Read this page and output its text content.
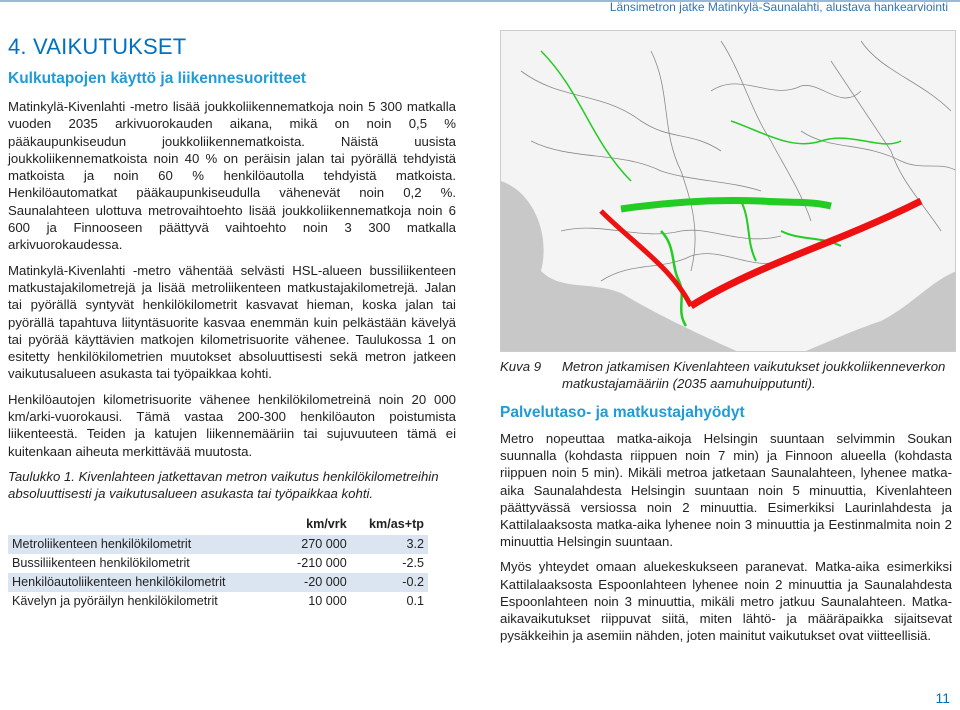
Länsimetron jatke Matinkylä-Saunalahti, alustava hankearviointi
4. VAIKUTUKSET
Kulkutapojen käyttö ja liikennesuoritteet

Matinkylä-Kivenlahti -metro lisää joukkoliikennematkoja noin 5 300 matkalla vuoden 2035 arkivuorokauden aikana, mikä on noin 0,5 % pääkaupunkiseudun joukkoliikennematkoista. Näistä uusista joukkoliikennematkoista noin 40 % on peräisin jalan tai pyörällä tehdyistä matkoista ja noin 60 % henkilöautolla tehdyistä matkoista. Henkilöautomatkat pääkaupunkiseudulla vähenevät noin 0,2 %. Saunalahteen ulottuva metrovaihtoehto lisää joukkoliikennematkoja noin 6 600 ja Finnooseen päättyvä vaihtoehto noin 3 300 matkalla arkivuorokaudessa.

Matinkylä-Kivenlahti -metro vähentää selvästi HSL-alueen bussiliikenteen matkustajakilometrejä ja lisää metroliikenteen matkustajakilometrejä. Jalan tai pyörällä syntyvät henkilökilometrit kasvavat hieman, koska jalan tai pyörällä tapahtuva liityntäsuorite kasvaa enemmän kuin pelkästään kävelyä tai pyörää käyttävien matkojen kilometrisuorite vähenee. Taulukossa 1 on esitetty henkilökilometrien muutokset absoluuttisesti sekä metron jatkeen vaikutusalueen asukasta tai työpaikkaa kohti.

Henkilöautojen kilometrisuorite vähenee henkilökilometreinä noin 20 000 km/arki-vuorokausi. Tämä vastaa 200-300 henkilöauton poistumista liikenteestä. Teiden ja katujen liikennemääriin tai sujuvuuteen tämä ei kuitenkaan aiheuta merkittävää muutosta.

Taulukko 1. Kivenlahteen jatkettavan metron vaikutus henkilökilometreihin absoluuttisesti ja vaikutusalueen asukasta tai työpaikkaa kohti.

	km/vrk	km/as+tp
Metroliikenteen henkilökilometrit	270 000	3.2
Bussiliikenteen henkilökilometrit	-210 000	-2.5
Henkilöautoliikenteen henkilökilometrit	-20 000	-0.2
Kävelyn ja pyöräilyn henkilökilometrit	10 000	0.1
Kuva 9	Metron jatkamisen Kivenlahteen vaikutukset joukkoliikenneverkon matkustajamääriin (2035 aamuhuipputunti).
Palvelutaso- ja matkustajahyödyt

Metro nopeuttaa matka-aikoja Helsingin suuntaan selvimmin Soukan suunnalla (kohdasta riippuen noin 7 min) ja Finnoon alueella (kohdasta riippuen noin 5 min). Mikäli metroa jatketaan Saunalahteen, lyhenee matka-aika Saunalahdesta Helsingin suuntaan noin 5 minuuttia, Kivenlahteen päättyvässä versiossa noin 2 minuuttia. Esimerkiksi Laurinlahdesta ja Kattilalaaksosta matka-aika lyhenee noin 3 minuuttia ja Eestinmalmita noin 2 minuuttia Helsingin suuntaan.

Myös yhteydet omaan aluekeskukseen paranevat. Matka-aika esimerkiksi Kattilalaaksosta Espoonlahteen lyhenee noin 2 minuuttia ja Saunalahdesta Espoonlahteen noin 3 minuuttia, mikäli metro jatkuu Saunalahteen. Matka-aikavaikutukset riippuvat siitä, miten lähtö- ja määräpaikka sijaitsevat pysäkkeihin ja asemiin nähden, joten mainitut vaikutukset ovat viitteellisiä.

11
